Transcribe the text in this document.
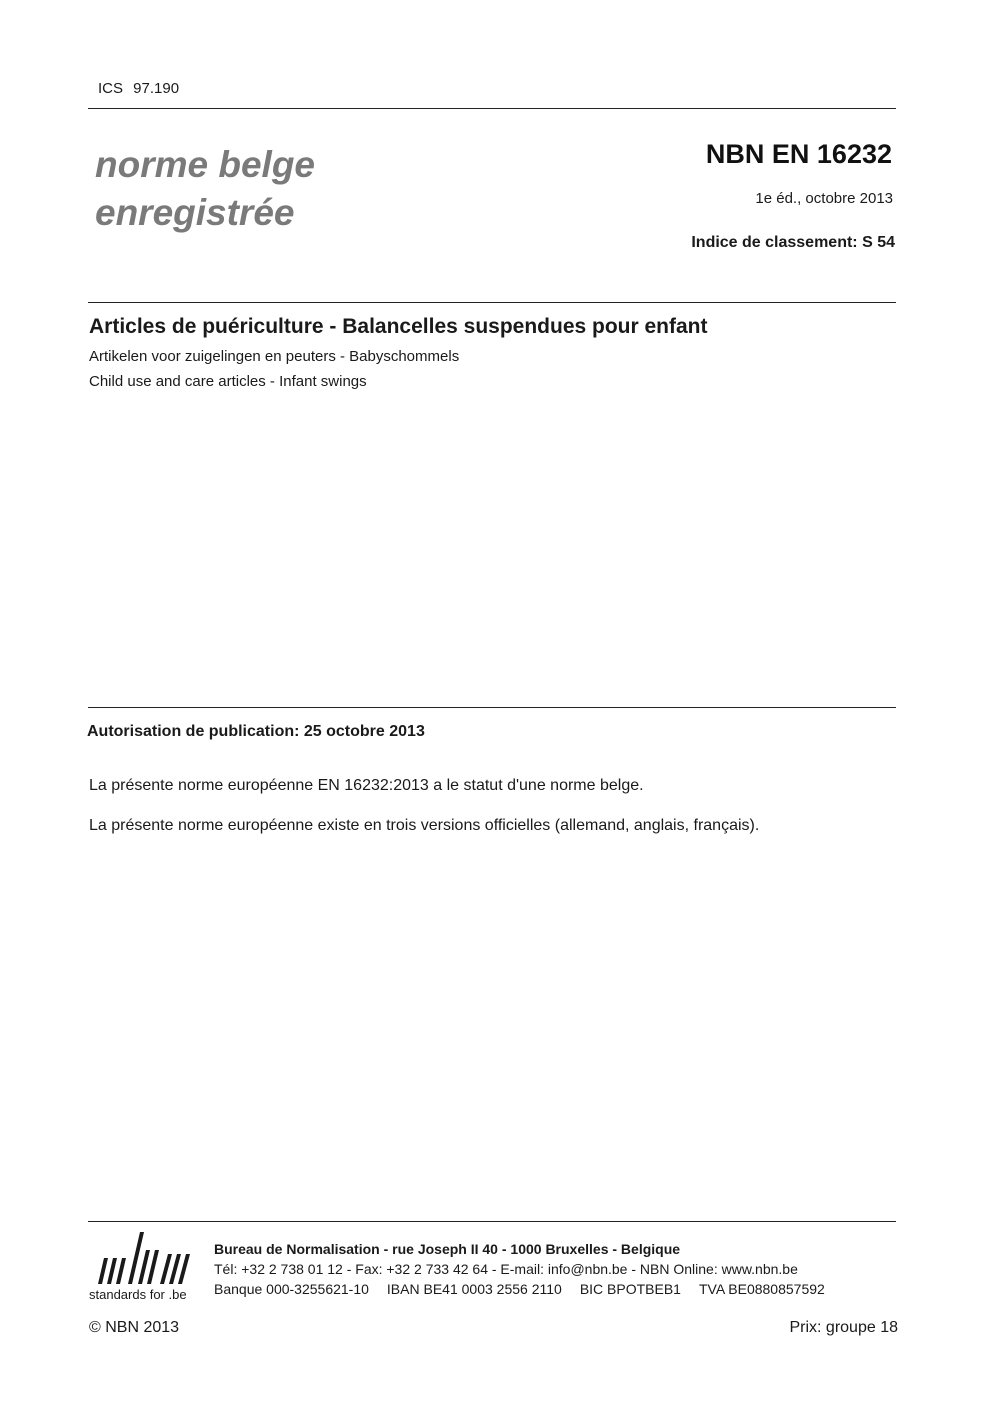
ICS 97.190
norme belge
enregistrée
NBN EN 16232
1e éd., octobre 2013
Indice de classement: S 54
Articles de puériculture - Balancelles suspendues pour enfant
Artikelen voor zuigelingen en peuters - Babyschommels
Child use and care articles - Infant swings
Autorisation de publication: 25 octobre 2013
La présente norme européenne EN 16232:2013 a le statut d'une norme belge.
La présente norme européenne existe en trois versions officielles (allemand, anglais, français).
standards for .be
Bureau de Normalisation - rue Joseph II 40 - 1000 Bruxelles - Belgique
Tél: +32 2 738 01 12 - Fax: +32 2 733 42 64 - E-mail: info@nbn.be - NBN Online: www.nbn.be
Banque 000-3255621-10 IBAN BE41 0003 2556 2110 BIC BPOTBEB1 TVA BE0880857592
© NBN 2013	Prix: groupe 18
